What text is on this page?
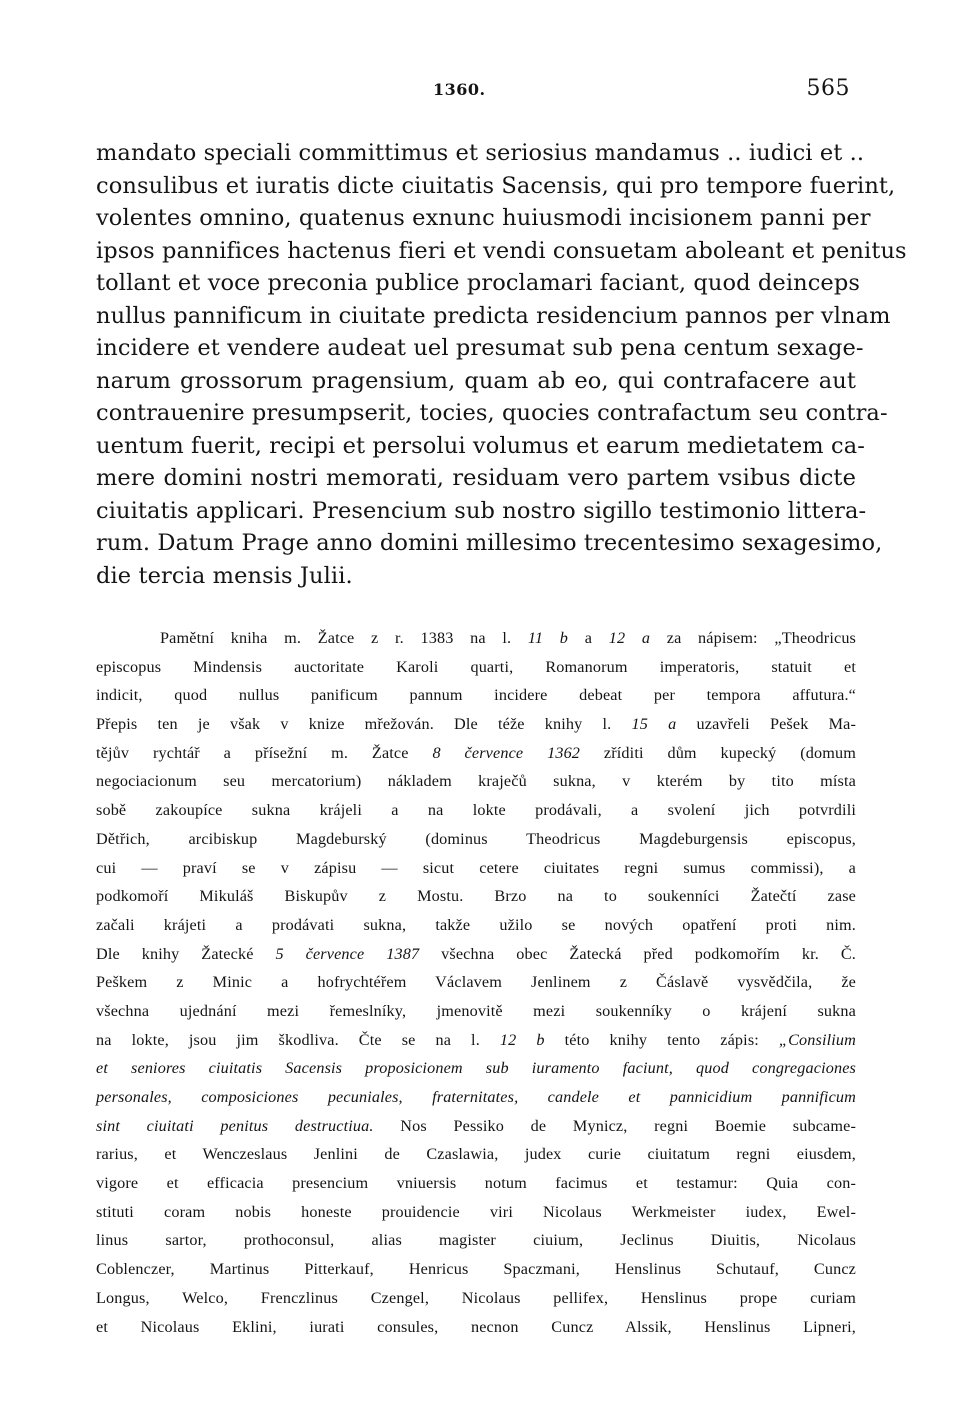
1360.	565
mandato speciali committimus et seriosius mandamus .. iudici et ..
consulibus et iuratis dicte ciuitatis Sacensis, qui pro tempore fuerint,
volentes omnino, quatenus exnunc huiusmodi incisionem panni per
ipsos pannifices hactenus fieri et vendi consuetam aboleant et penitus
tollant et voce preconia publice proclamari faciant, quod deinceps
nullus pannificum in ciuitate predicta residencium pannos per vlnam
incidere et vendere audeat uel presumat sub pena centum sexage-
narum grossorum pragensium, quam ab eo, qui contrafacere aut
contrauenire presumpserit, tocies, quocies contrafactum seu contra-
uentum fuerit, recipi et persolui volumus et earum medietatem ca-
mere domini nostri memorati, residuam vero partem vsibus dicte
ciuitatis applicari. Presencium sub nostro sigillo testimonio littera-
rum. Datum Prage anno domini millesimo trecentesimo sexagesimo,
die tercia mensis Julii.
Pamětní kniha m. Žatce z r. 1383 na l. 11 b a 12 a za nápisem: „Theodricus
episcopus Mindensis auctoritate Karoli quarti, Romanorum imperatoris, statuit et
indicit, quod nullus panificum pannum incidere debeat per tempora affutura.“
Přepis ten je však v knize mřežován. Dle téže knihy l. 15 a uzavřeli Pešek Ma-
tějův rychtář a přísežní m. Žatce 8 července 1362 zříditi dům kupecký (domum
negociacionum seu mercatorium) nákladem kraječů sukna, v kterém by tito místa
sobě zakoupíce sukna krájeli a na lokte prodávali, a svolení jich potvrdili
Dětřich, arcibiskup Magdeburský (dominus Theodricus Magdeburgensis episcopus,
cui — praví se v zápisu — sicut cetere ciuitates regni sumus commissi), a
podkomoří Mikuláš Biskupův z Mostu. Brzo na to soukenníci Žatečtí zase
začali krájeti a prodávati sukna, takže užilo se nových opatření proti nim.
Dle knihy Žatecké 5 července 1387 všechna obec Žatecká před podkomořím kr. Č.
Peškem z Minic a hofrychtéřem Václavem Jenlinem z Čáslavě vysvědčila, že
všechna ujednání mezi řemeslníky, jmenovitě mezi soukenníky o krájení sukna
na lokte, jsou jim škodliva. Čte se na l. 12 b této knihy tento zápis: „Consilium
et seniores ciuitatis Sacensis proposicionem sub iuramento faciunt, quod congregaciones
personales, composiciones pecuniales, fraternitates, candele et pannicidium pannificum
sint ciuitati penitus destructiua. Nos Pessiko de Mynicz, regni Boemie subcame-
rarius, et Wenczeslaus Jenlini de Czaslawia, judex curie ciuitatum regni eiusdem,
vigore et efficacia presencium vniuersis notum facimus et testamur: Quia con-
stituti coram nobis honeste prouidencie viri Nicolaus Werkmeister iudex, Ewel-
linus sartor, prothoconsul, alias magister ciuium, Jeclinus Diuitis, Nicolaus
Coblenczer, Martinus Pitterkauf, Henricus Spaczmani, Henslinus Schutauf, Cuncz
Longus, Welco, Frenczlinus Czengel, Nicolaus pellifex, Henslinus prope curiam
et Nicolaus Eklini, iurati consules, necnon Cuncz Alssik, Henslinus Lipneri,
